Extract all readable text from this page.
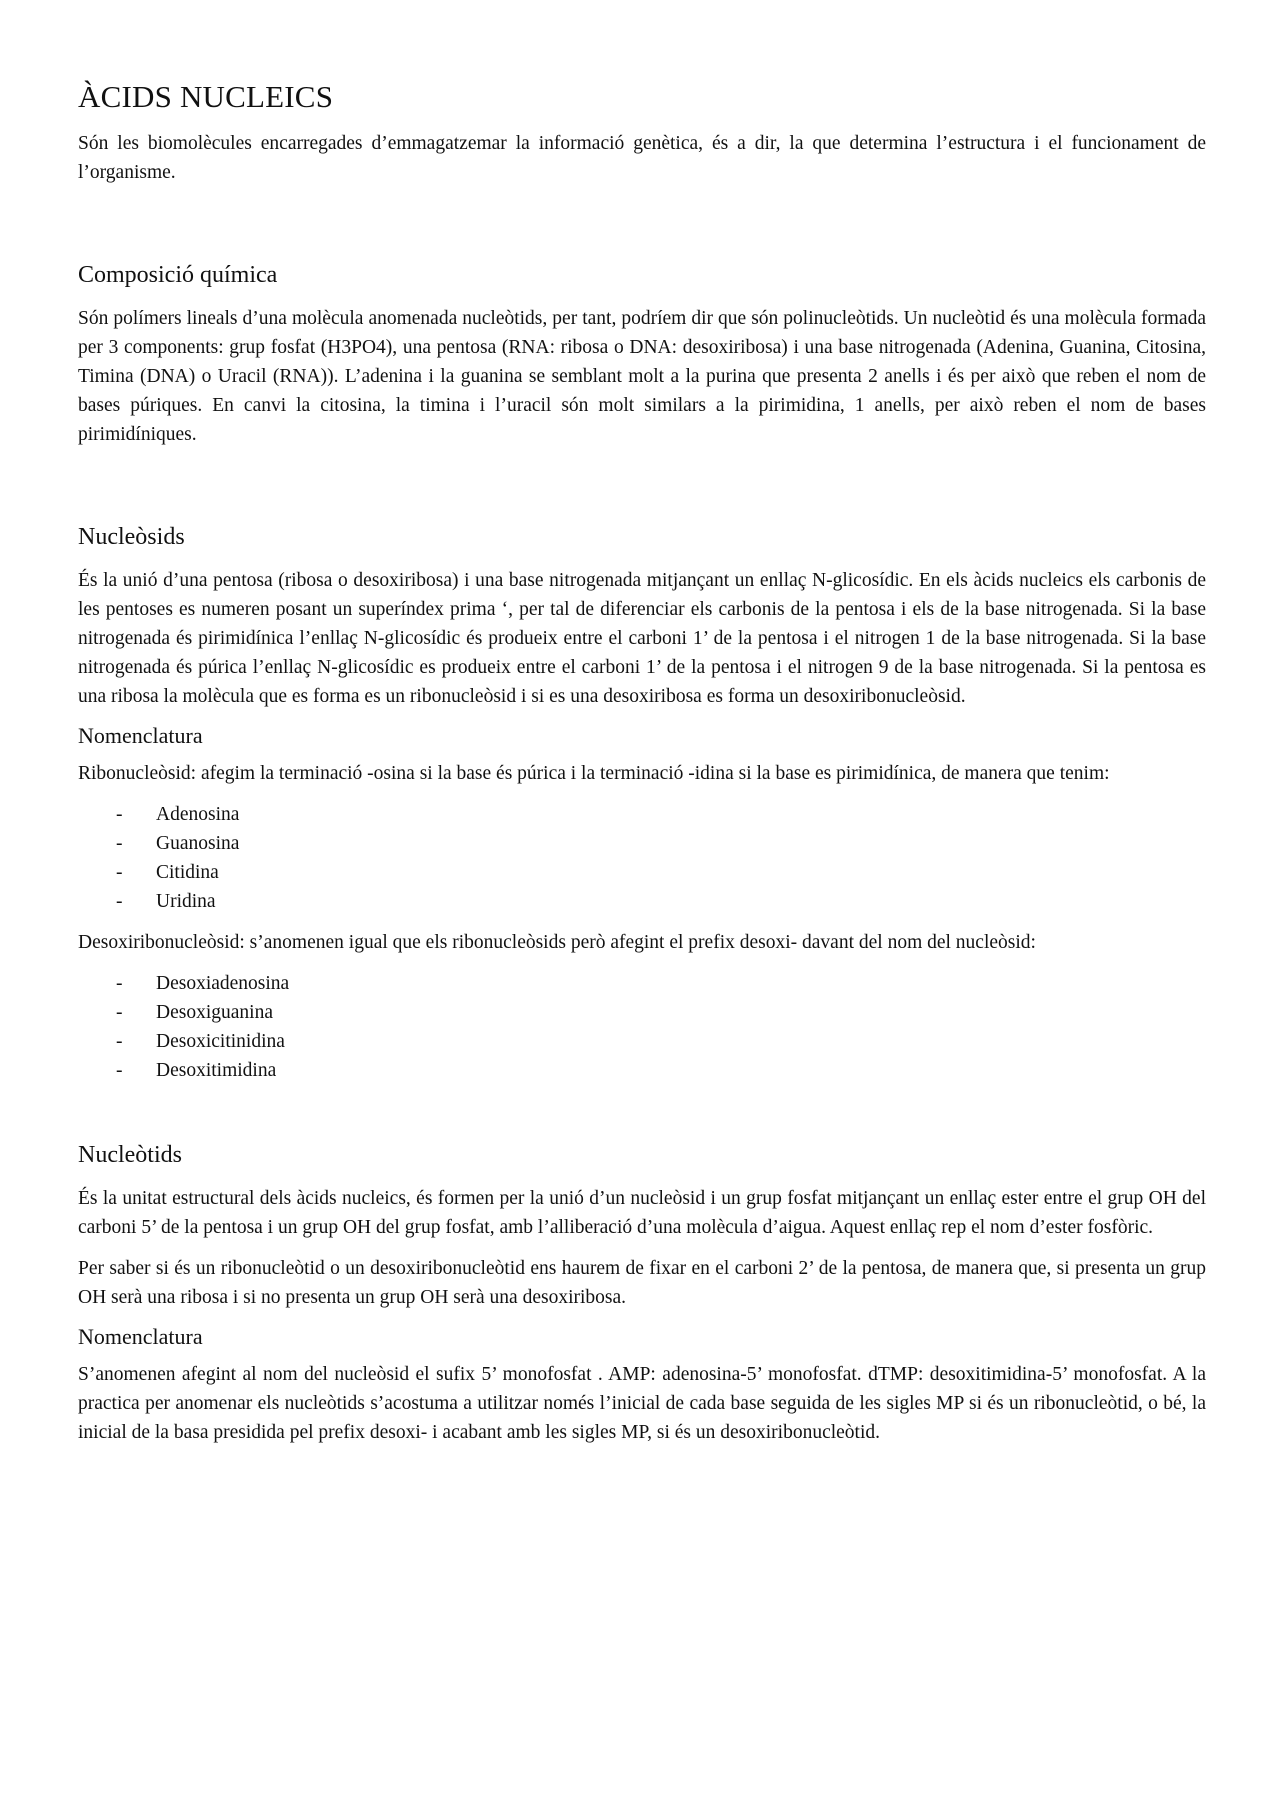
ÀCIDS NUCLEICS

Són les biomolècules encarregades d’emmagatzemar la informació genètica, és a dir, la que determina l’estructura i el funcionament de l’organisme.

Composició química

Són polímers lineals d’una molècula anomenada nucleòtids, per tant, podríem dir que són polinucleòtids. Un nucleòtid és una molècula formada per 3 components: grup fosfat (H3PO4), una pentosa (RNA: ribosa o DNA: desoxiribosa) i una base nitrogenada (Adenina, Guanina, Citosina, Timina (DNA) o Uracil (RNA)). L’adenina i la guanina se semblant molt a la purina que presenta 2 anells i és per això que reben el nom de bases púriques. En canvi la citosina, la timina i l’uracil són molt similars a la pirimidina, 1 anells, per això reben el nom de bases pirimidíniques.

Nucleòsids

És la unió d’una pentosa (ribosa o desoxiribosa) i una base nitrogenada mitjançant un enllaç N-glicosídic. En els àcids nucleics els carbonis de les pentoses es numeren posant un superíndex prima ‘, per tal de diferenciar els carbonis de la pentosa i els de la base nitrogenada. Si la base nitrogenada és pirimidínica l’enllaç N-glicosídic és produeix entre el carboni 1’ de la pentosa i el nitrogen 1 de la base nitrogenada. Si la base nitrogenada és púrica l’enllaç N-glicosídic es produeix entre el carboni 1’ de la pentosa i el nitrogen 9 de la base nitrogenada. Si la pentosa es una ribosa la molècula que es forma es un ribonucleòsid i si es una desoxiribosa es forma un desoxiribonucleòsid.

Nomenclatura

Ribonucleòsid: afegim la terminació -osina si la base és púrica i la terminació -idina si la base es pirimidínica, de manera que tenim:

- Adenosina
- Guanosina
- Citidina
- Uridina

Desoxiribonucleòsid: s’anomenen igual que els ribonucleòsids però afegint el prefix desoxi- davant del nom del nucleòsid:

- Desoxiadenosina
- Desoxiguanina
- Desoxicitinidina
- Desoxitimidina
Nucleòtids

És la unitat estructural dels àcids nucleics, és formen per la unió d’un nucleòsid i un grup fosfat mitjançant un enllaç ester entre el grup OH del carboni 5’ de la pentosa i un grup OH del grup fosfat, amb l’alliberació d’una molècula d’aigua. Aquest enllaç rep el nom d’ester fosfòric.

Per saber si és un ribonucleòtid o un desoxiribonucleòtid ens haurem de fixar en el carboni 2’ de la pentosa, de manera que, si presenta un grup OH serà una ribosa i si no presenta un grup OH serà una desoxiribosa.

Nomenclatura

S’anomenen afegint al nom del nucleòsid el sufix 5’ monofosfat . AMP: adenosina-5’ monofosfat. dTMP: desoxitimidina-5’ monofosfat. A la practica per anomenar els nucleòtids s’acostuma a utilitzar només l’inicial de cada base seguida de les sigles MP si és un ribonucleòtid, o bé, la inicial de la basa presidida pel prefix desoxi- i acabant amb les sigles MP, si és un desoxiribonucleòtid.
